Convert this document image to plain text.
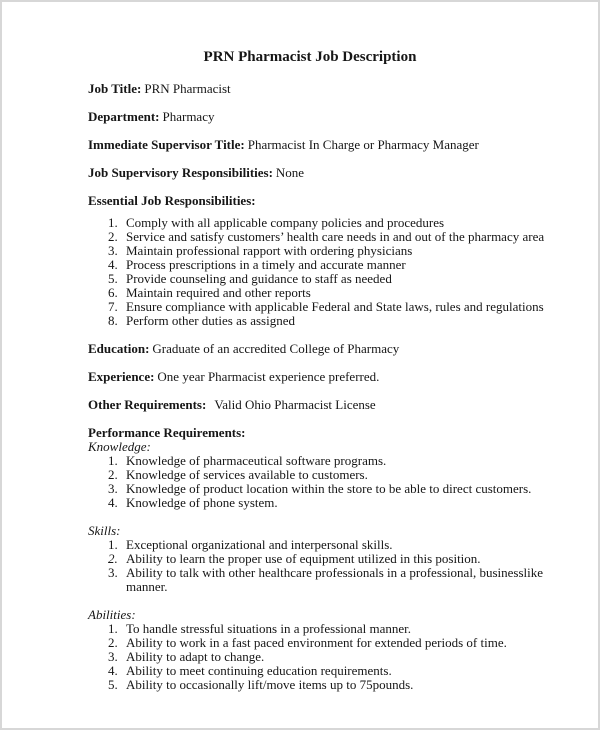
PRN Pharmacist Job Description

Job Title: PRN Pharmacist

Department: Pharmacy

Immediate Supervisor Title: Pharmacist In Charge or Pharmacy Manager

Job Supervisory Responsibilities: None

Essential Job Responsibilities:

Comply with all applicable company policies and procedures
Service and satisfy customers’ health care needs in and out of the pharmacy area
Maintain professional rapport with ordering physicians
Process prescriptions in a timely and accurate manner
Provide counseling and guidance to staff as needed
Maintain required and other reports
Ensure compliance with applicable Federal and State laws, rules and regulations
Perform other duties as assigned

Education: Graduate of an accredited College of Pharmacy

Experience: One year Pharmacist experience preferred.

Other Requirements: Valid Ohio Pharmacist License

Performance Requirements:

Knowledge:
Knowledge of pharmaceutical software programs.
Knowledge of services available to customers.
Knowledge of product location within the store to be able to direct customers.
Knowledge of phone system.
Skills:
Exceptional organizational and interpersonal skills.
Ability to learn the proper use of equipment utilized in this position.
Ability to talk with other healthcare professionals in a professional, businesslike manner.
Abilities:
To handle stressful situations in a professional manner.
Ability to work in a fast paced environment for extended periods of time.
Ability to adapt to change.
Ability to meet continuing education requirements.
Ability to occasionally lift/move items up to 75pounds.
